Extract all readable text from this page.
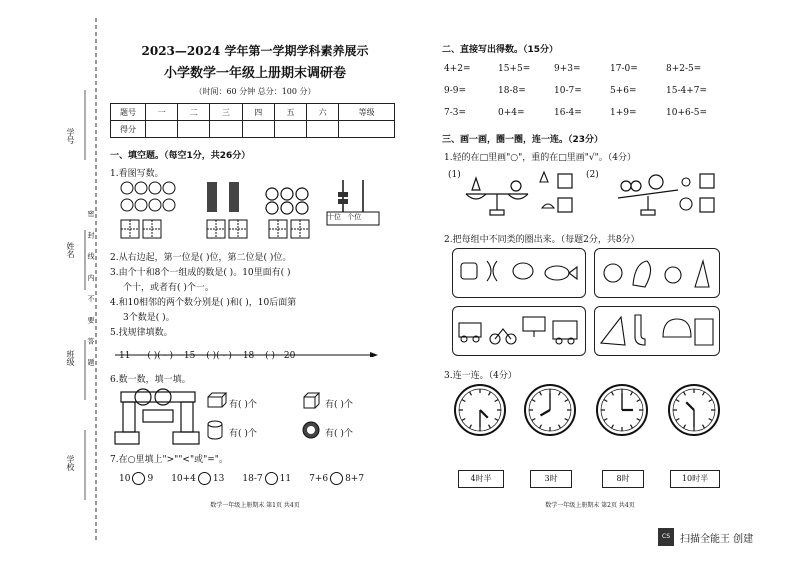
学号
姓名
班级
学校
密 封 线 内 不 要 答 题
2023—2024 学年第一学期学科素养展示
小学数学一年级上册期末调研卷
（时间：60 分钟 总分：100 分）
题号	一	二	三	四	五	六	等级
得分							
一、填空题。（每空1分，共26分）
1.看图写数。
十位 个位
2.从右边起，第一位是( )位，第二位是( )位。
3.由个十和8个一组成的数是( )。10里面有( )
个十，或者有( )个一。
4.和10相邻的两个数分别是( )和( )，10后面第
3个数是( )。
5.找规律填数。
11 ( )( - ) 15 ( )( - ) 18 ( ) 20
6.数一数，填一填。
有( )个	有( )个
有( )个	有( )个
7.在○里填上">""<"或"="。
10 9 10+4 13 18-7 11 7+6 8+7
数学一年级上册期末 第1页 共4页
二、直接写出得数。（15分）
4+2=	15+5=	9+3=	17-0=	8+2-5=
9-9=	18-8=	10-7=	5+6=	15-4+7=
7-3=	0+4=	16-4=	1+9=	10+6-5=
三、画一画，圈一圈，连一连。（23分）
1.轻的在□里画"○"，重的在□里画"√"。（4分）
(1)	(2)
2.把每组中不同类的圈出来。（每题2分，共8分）
3.连一连。（4分）
4时半	3时	8时	10时半
数学一年级上册期末 第2页 共4页
CS	扫描全能王 创建
